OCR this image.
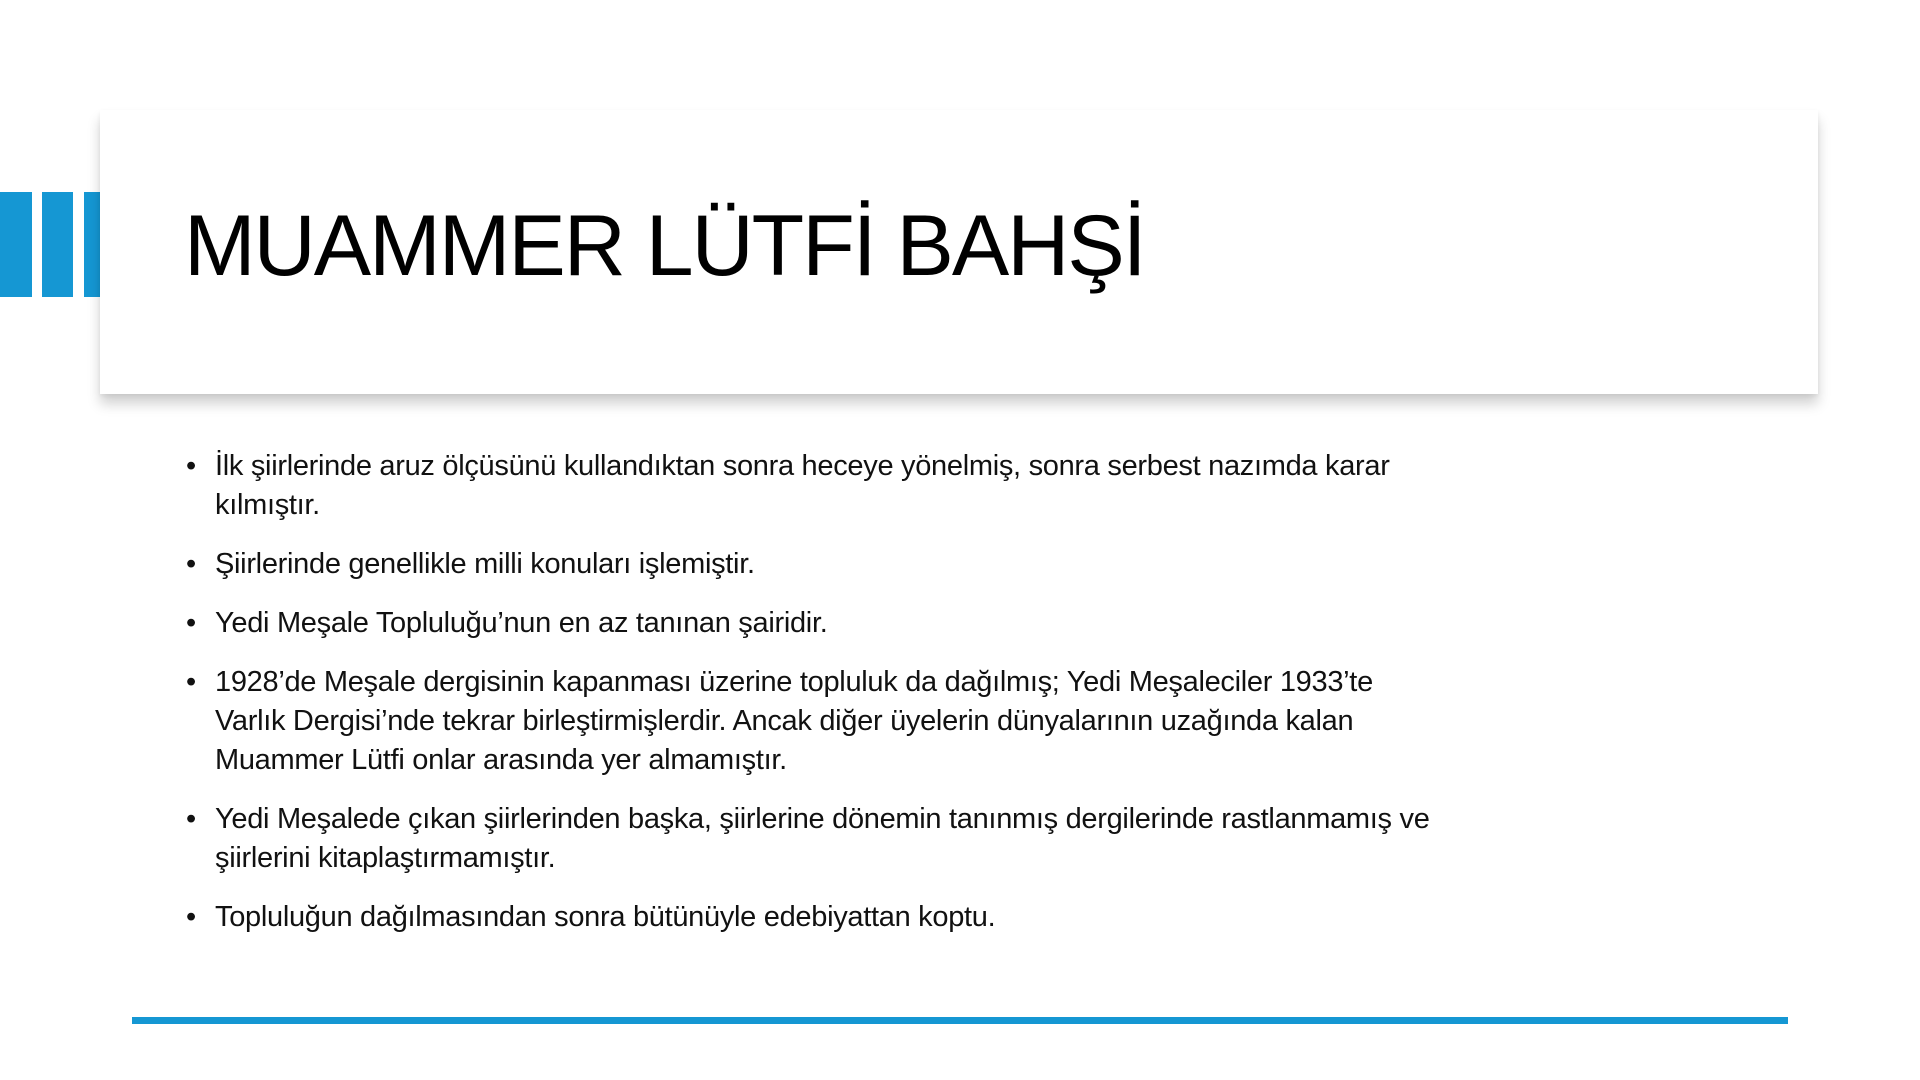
MUAMMER LÜTFİ BAHŞİ
• İlk şiirlerinde aruz ölçüsünü kullandıktan sonra heceye yönelmiş, sonra serbest nazımda karar
kılmıştır.
• Şiirlerinde genellikle milli konuları işlemiştir.
• Yedi Meşale Topluluğu’nun en az tanınan şairidir.
• 1928’de Meşale dergisinin kapanması üzerine topluluk da dağılmış; Yedi Meşaleciler 1933’te
Varlık Dergisi’nde tekrar birleştirmişlerdir. Ancak diğer üyelerin dünyalarının uzağında kalan
Muammer Lütfi onlar arasında yer almamıştır.
• Yedi Meşalede çıkan şiirlerinden başka, şiirlerine dönemin tanınmış dergilerinde rastlanmamış ve
şiirlerini kitaplaştırmamıştır.
• Topluluğun dağılmasından sonra bütünüyle edebiyattan koptu.
